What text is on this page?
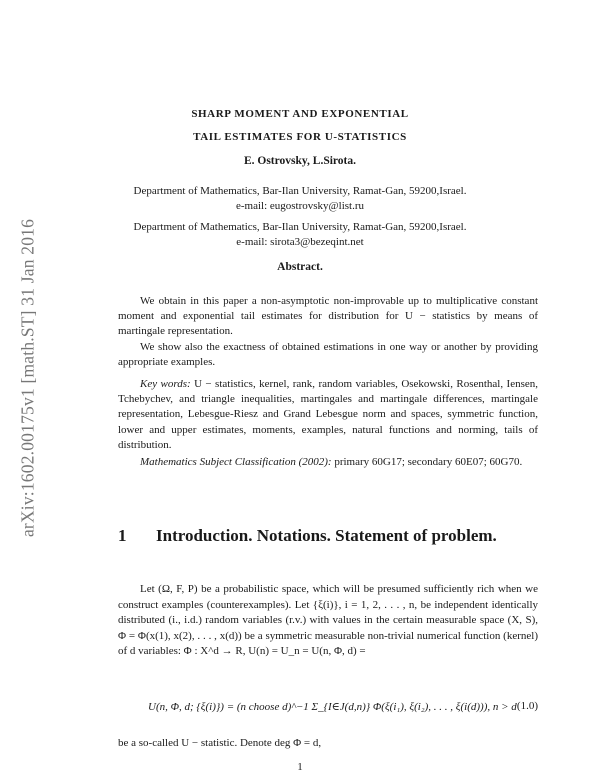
arXiv:1602.00175v1 [math.ST] 31 Jan 2016
SHARP MOMENT AND EXPONENTIAL
TAIL ESTIMATES FOR U-STATISTICS
E. Ostrovsky, L.Sirota.
Department of Mathematics, Bar-Ilan University, Ramat-Gan, 59200,Israel.
e-mail: eugostrovsky@list.ru
Department of Mathematics, Bar-Ilan University, Ramat-Gan, 59200,Israel.
e-mail: sirota3@bezeqint.net
Abstract.
We obtain in this paper a non-asymptotic non-improvable up to multiplicative constant moment and exponential tail estimates for distribution for U − statistics by means of martingale representation.
We show also the exactness of obtained estimations in one way or another by providing appropriate examples.
Key words: U − statistics, kernel, rank, random variables, Osekowski, Rosenthal, Iensen, Tchebychev, and triangle inequalities, martingales and martingale differences, martingale representation, Lebesgue-Riesz and Grand Lebesgue norm and spaces, symmetric function, lower and upper estimates, moments, examples, natural functions and norming, tails of distribution.
Mathematics Subject Classification (2002): primary 60G17; secondary 60E07; 60G70.
1 Introduction. Notations. Statement of problem.
Let (Ω, F, P) be a probabilistic space, which will be presumed sufficiently rich when we construct examples (counterexamples). Let {ξ(i)}, i = 1, 2, . . . , n, be independent identically distributed (i., i.d.) random variables (r.v.) with values in the certain measurable space (X, S), Φ = Φ(x(1), x(2), . . . , x(d)) be a symmetric measurable non-trivial numerical function (kernel) of d variables: Φ : X^d → R, U(n) = U_n = U(n, Φ, d) =
U(n, Φ, d; {ξ(i)}) = (n choose d)^−1 Σ_{I∈J(d,n)} Φ(ξ(i₁), ξ(i₂), . . . , ξ(i(d))), n > d (1.0)
be a so-called U − statistic. Denote deg Φ = d,
1
